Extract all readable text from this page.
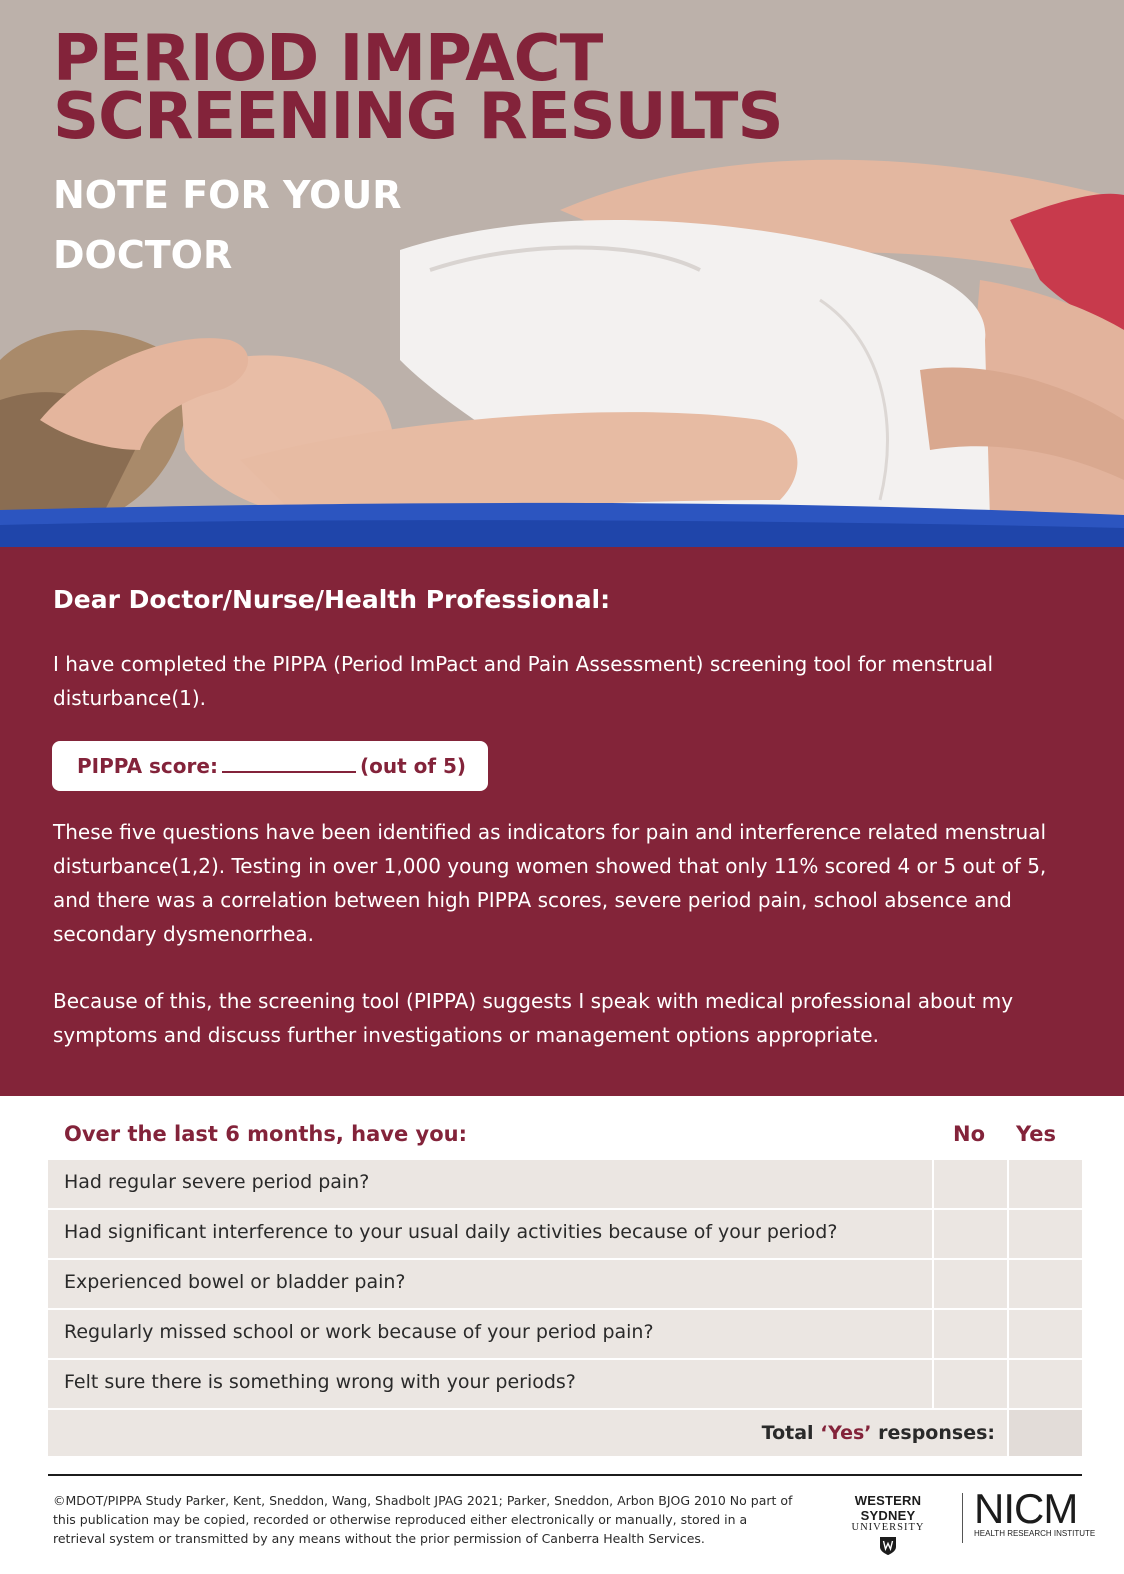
PERIOD IMPACT
SCREENING RESULTS
NOTE FOR YOUR
DOCTOR
Dear Doctor/Nurse/Health Professional:
I have completed the PIPPA (Period ImPact and Pain Assessment) screening tool for menstrual disturbance(1).
PIPPA score:	(out of 5)
These five questions have been identified as indicators for pain and interference related menstrual disturbance(1,2). Testing in over 1,000 young women showed that only 11% scored 4 or 5 out of 5, and there was a correlation between high PIPPA scores, severe period pain, school absence and secondary dysmenorrhea.
Because of this, the screening tool (PIPPA) suggests I speak with medical professional about my symptoms and discuss further investigations or management options appropriate.
Over the last 6 months, have you:	No Yes
Had regular severe period pain?
Had significant interference to your usual daily activities because of your period?
Experienced bowel or bladder pain?
Regularly missed school or work because of your period pain?
Felt sure there is something wrong with your periods?
Total ‘Yes’ responses:
©MDOT/PIPPA Study Parker, Kent, Sneddon, Wang, Shadbolt JPAG 2021; Parker, Sneddon, Arbon BJOG 2010 No part of this publication may be copied, recorded or otherwise reproduced either electronically or manually, stored in a retrieval system or transmitted by any means without the prior permission of Canberra Health Services.
WESTERN SYDNEY
UNIVERSITY	NICM
HEALTH RESEARCH INSTITUTE
